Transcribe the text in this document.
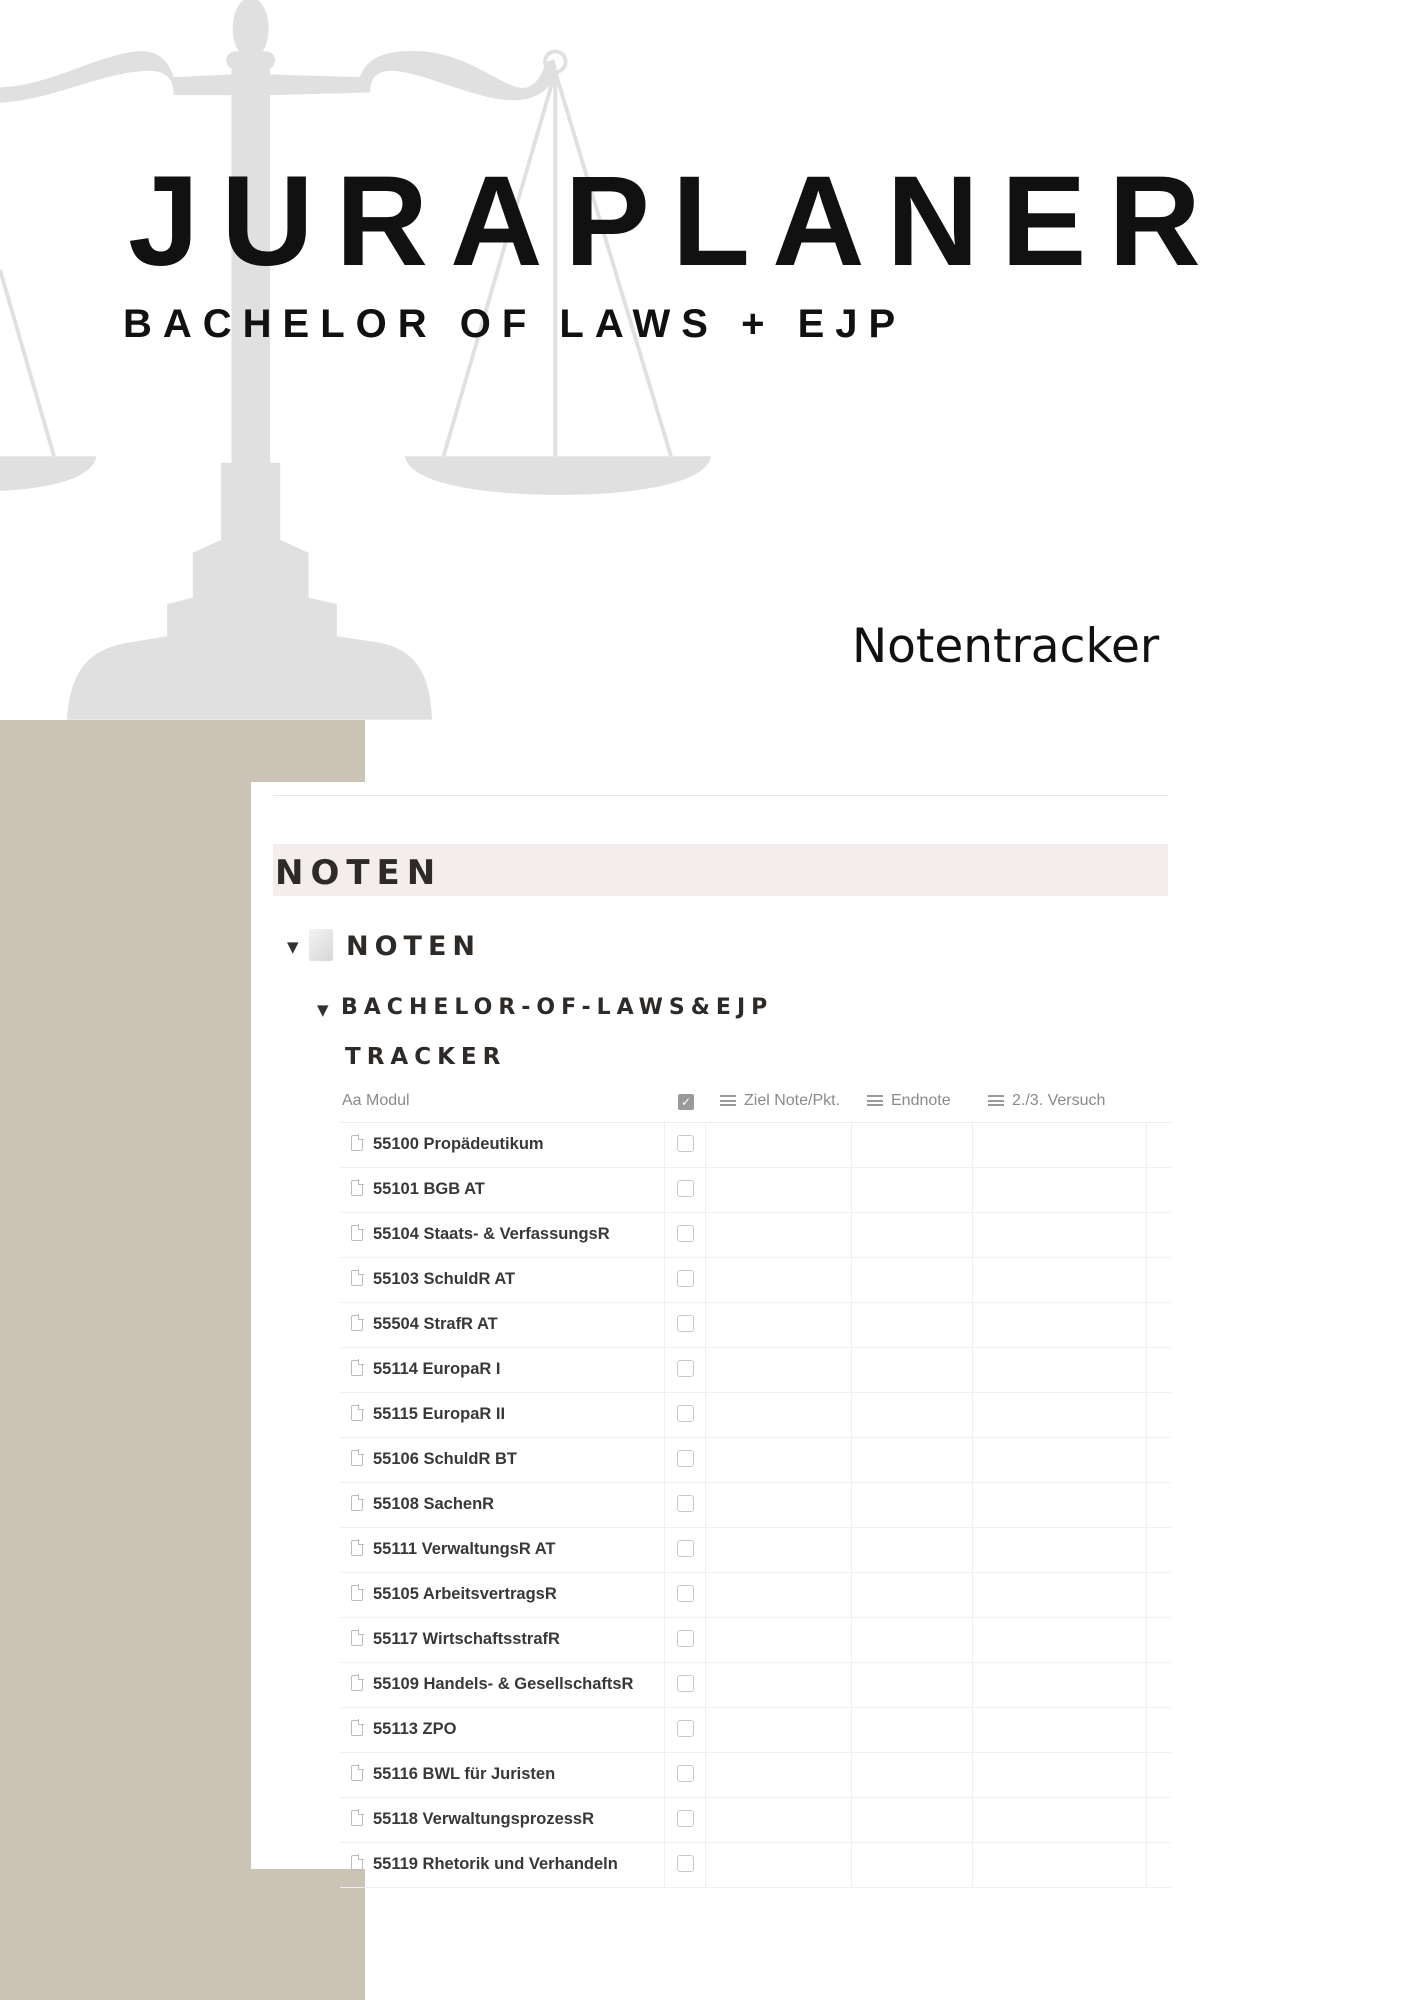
JURAPLANER
BACHELOR OF LAWS + EJP
Notentracker
NOTEN
▼ NOTEN
▼ BACHELOR-OF-LAWS&EJP
TRACKER
Aa Modul	✓	Ziel Note/Pkt.	Endnote	2./3. Versuch
55100 Propädeutikum
55101 BGB AT
55104 Staats- & VerfassungsR
55103 SchuldR AT
55504 StrafR AT
55114 EuropaR I
55115 EuropaR II
55106 SchuldR BT
55108 SachenR
55111 VerwaltungsR AT
55105 ArbeitsvertragsR
55117 WirtschaftsstrafR
55109 Handels- & GesellschaftsR
55113 ZPO
55116 BWL für Juristen
55118 VerwaltungsprozessR
55119 Rhetorik und Verhandeln
